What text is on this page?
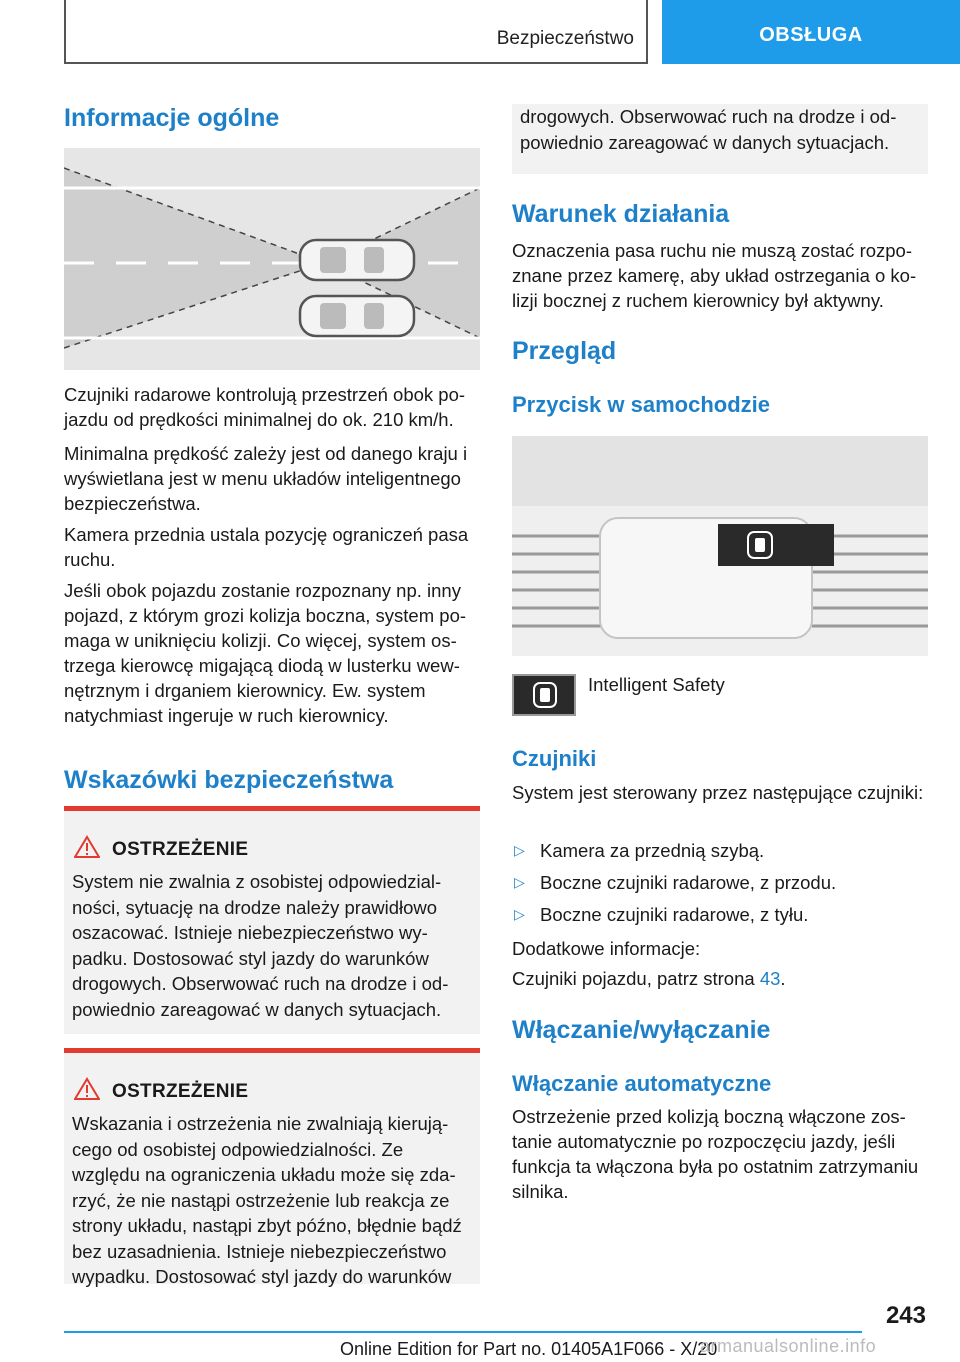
Bezpieczeństwo	OBSŁUGA
Informacje ogólne

Czujniki radarowe kontrolują przestrzeń obok pojazdu od prędkości minimalnej do ok. 210 km/h.

Minimalna prędkość zależy jest od danego kraju i wyświetlana jest w menu układów inteligentnego bezpieczeństwa.

Kamera przednia ustala pozycję ograniczeń pasa ruchu.

Jeśli obok pojazdu zostanie rozpoznany np. inny pojazd, z którym grozi kolizja boczna, system pomaga w uniknięciu kolizji. Co więcej, system ostrzega kierowcę migającą diodą w lusterku wewnętrznym i drganiem kierownicy. Ew. system natychmiast ingeruje w ruch kierownicy.

Wskazówki bezpieczeństwa
OSTRZEŻENIE

System nie zwalnia z osobistej odpowiedzialności, sytuację na drodze należy prawidłowo oszacować. Istnieje niebezpieczeństwo wypadku. Dostosować styl jazdy do warunków drogowych. Obserwować ruch na drodze i odpowiednio zareagować w danych sytuacjach.

OSTRZEŻENIE

Wskazania i ostrzeżenia nie zwalniają kierującego od osobistej odpowiedzialności. Ze względu na ograniczenia układu może się zdarzyć, że nie nastąpi ostrzeżenie lub reakcja ze strony układu, nastąpi zbyt późno, błędnie bądź bez uzasadnienia. Istnieje niebezpieczeństwo wypadku. Dostosować styl jazdy do warunków

drogowych. Obserwować ruch na drodze i odpowiednio zareagować w danych sytuacjach.

Warunek działania

Oznaczenia pasa ruchu nie muszą zostać rozpoznane przez kamerę, aby układ ostrzegania o kolizji bocznej z ruchem kierownicy był aktywny.

Przegląd
Przycisk w samochodzie
Intelligent Safety
Czujniki

System jest sterowany przez następujące czujniki:

▷ Kamera za przednią szybą.
▷ Boczne czujniki radarowe, z przodu.
▷ Boczne czujniki radarowe, z tyłu.

Dodatkowe informacje:

Czujniki pojazdu, patrz strona 43.

Włączanie/wyłączanie
Włączanie automatyczne

Ostrzeżenie przed kolizją boczną włączone zostanie automatycznie po rozpoczęciu jazdy, jeśli funkcja ta włączona była po ostatnim zatrzymaniu silnika.

243
Online Edition for Part no. 01405A1F066 - X/20
armanualsonline.info
